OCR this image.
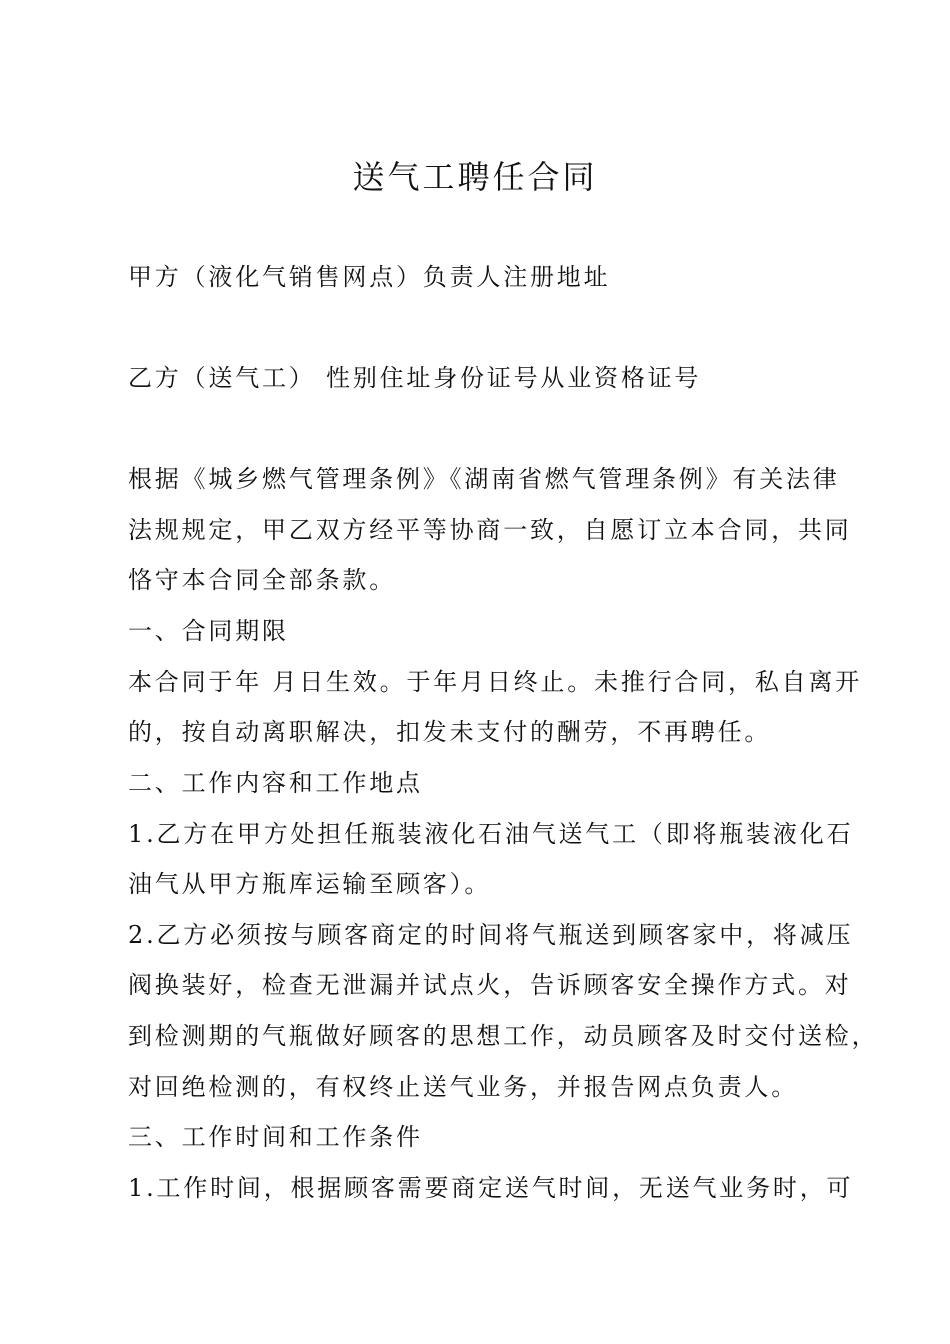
送气工聘任合同

甲方（液化气销售网点）负责人注册地址

乙方（送气工） 性别住址身份证号从业资格证号

根据《城乡燃气管理条例》《湖南省燃气管理条例》有关法律

法规规定，甲乙双方经平等协商一致，自愿订立本合同，共同

恪守本合同全部条款。

一、合同期限

本合同于年 月日生效。于年月日终止。未推行合同，私自离开

的，按自动离职解决，扣发未支付的酬劳，不再聘任。

二、工作内容和工作地点

1.乙方在甲方处担任瓶装液化石油气送气工（即将瓶装液化石

油气从甲方瓶库运输至顾客）。

2.乙方必须按与顾客商定的时间将气瓶送到顾客家中，将减压

阀换装好，检查无泄漏并试点火，告诉顾客安全操作方式。对

到检测期的气瓶做好顾客的思想工作，动员顾客及时交付送检，

对回绝检测的，有权终止送气业务，并报告网点负责人。

三、工作时间和工作条件

1.工作时间，根据顾客需要商定送气时间，无送气业务时，可
